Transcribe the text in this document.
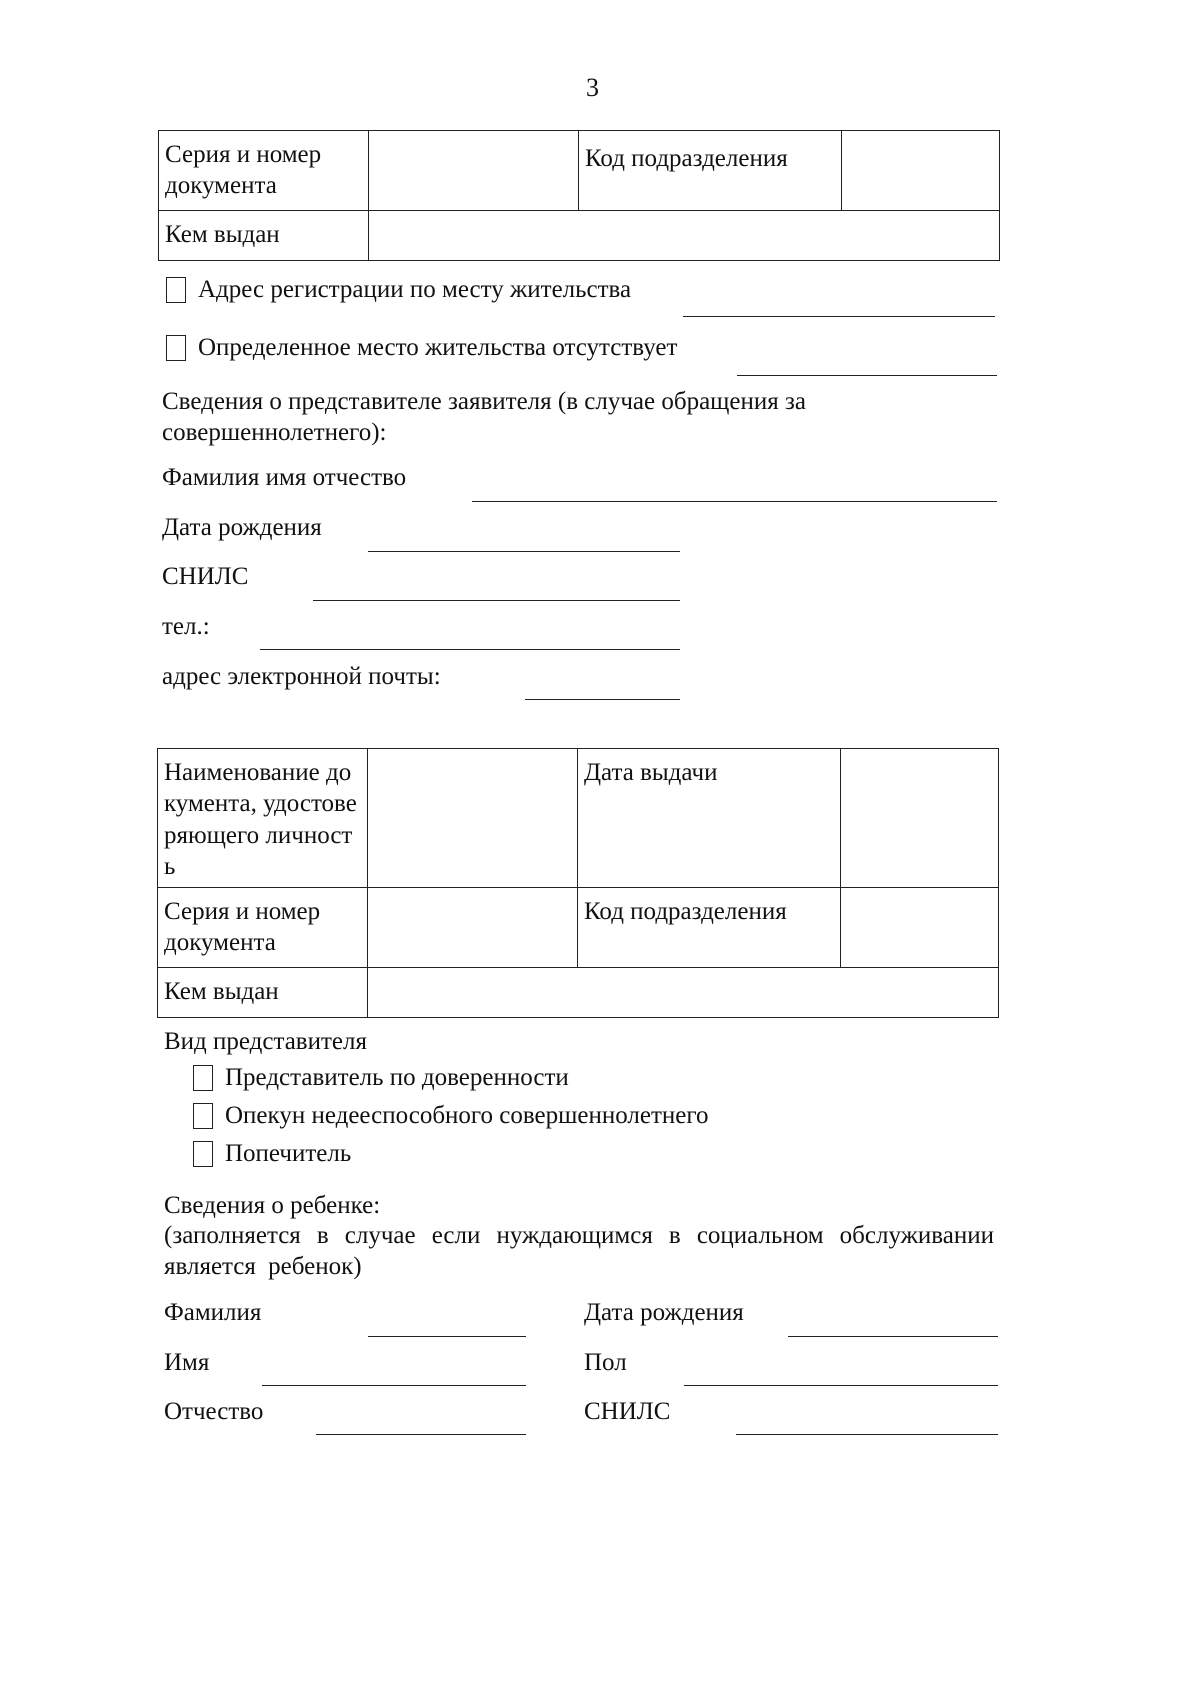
3
Серия и номер документа		Код подразделения	
Кем выдан			
Адрес регистрации по месту жительства
Определенное место жительства отсутствует
Сведения о представителе заявителя (в случае обращения за совершеннолетнего):
Фамилия имя отчество
Дата рождения
СНИЛС
тел.:
адрес электронной почты:
Наименование документа, удостоверяющего личность		Дата выдачи	
Серия и номер документа		Код подразделения	
Кем выдан			
Вид представителя
Представитель по доверенности
Опекун недееспособного совершеннолетнего
Попечитель
Сведения о ребенке:
(заполняется в случае если нуждающимся в социальном обслуживании является ребенок)
Фамилия	Дата рождения
Имя	Пол
Отчество	СНИЛС
